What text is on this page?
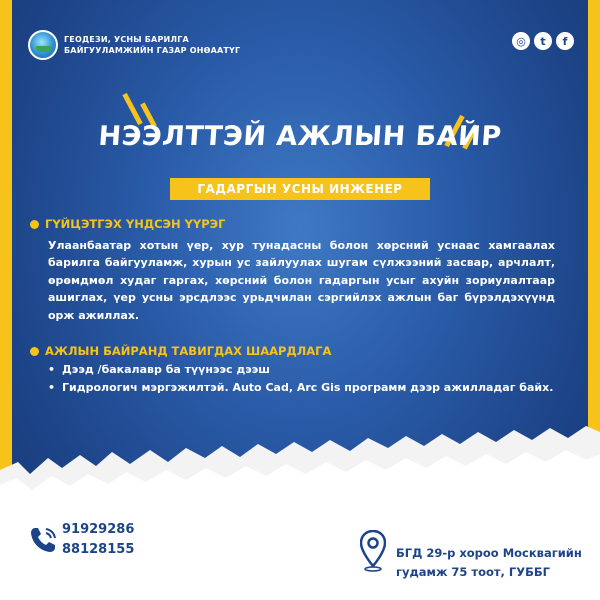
ГЕОДЕЗИ, УСНЫ БАРИЛГА
БАЙГУУЛАМЖИЙН ГАЗАР ОНӨААТҮГ
◎	t	f
НЭЭЛТТЭЙ АЖЛЫН БАЙР
ГАДАРГЫН УСНЫ ИНЖЕНЕР
ГҮЙЦЭТГЭХ ҮНДСЭН ҮҮРЭГ
Улаанбаатар хотын үер, хур тунадасны болон хөрсний уснаас хамгаалах барилга байгууламж, хурын ус зайлуулах шугам сүлжээний засвар, арчлалт, өрөмдмөл худаг гаргах, хөрсний болон гадаргын усыг ахуйн зориулалтаар ашиглах, үер усны эрсдлээс урьдчилан сэргийлэх ажлын баг бүрэлдэхүүнд орж ажиллах.
АЖЛЫН БАЙРАНД ТАВИГДАХ ШААРДЛАГА
• Дээд /бакалавр ба түүнээс дээш
• Гидрологич мэргэжилтэй. Auto Cad, Arc Gis программ дээр ажилладаг байх.
91929286
88128155	БГД 29-р хороо Москвагийн
гудамж 75 тоот, ГУББГ
